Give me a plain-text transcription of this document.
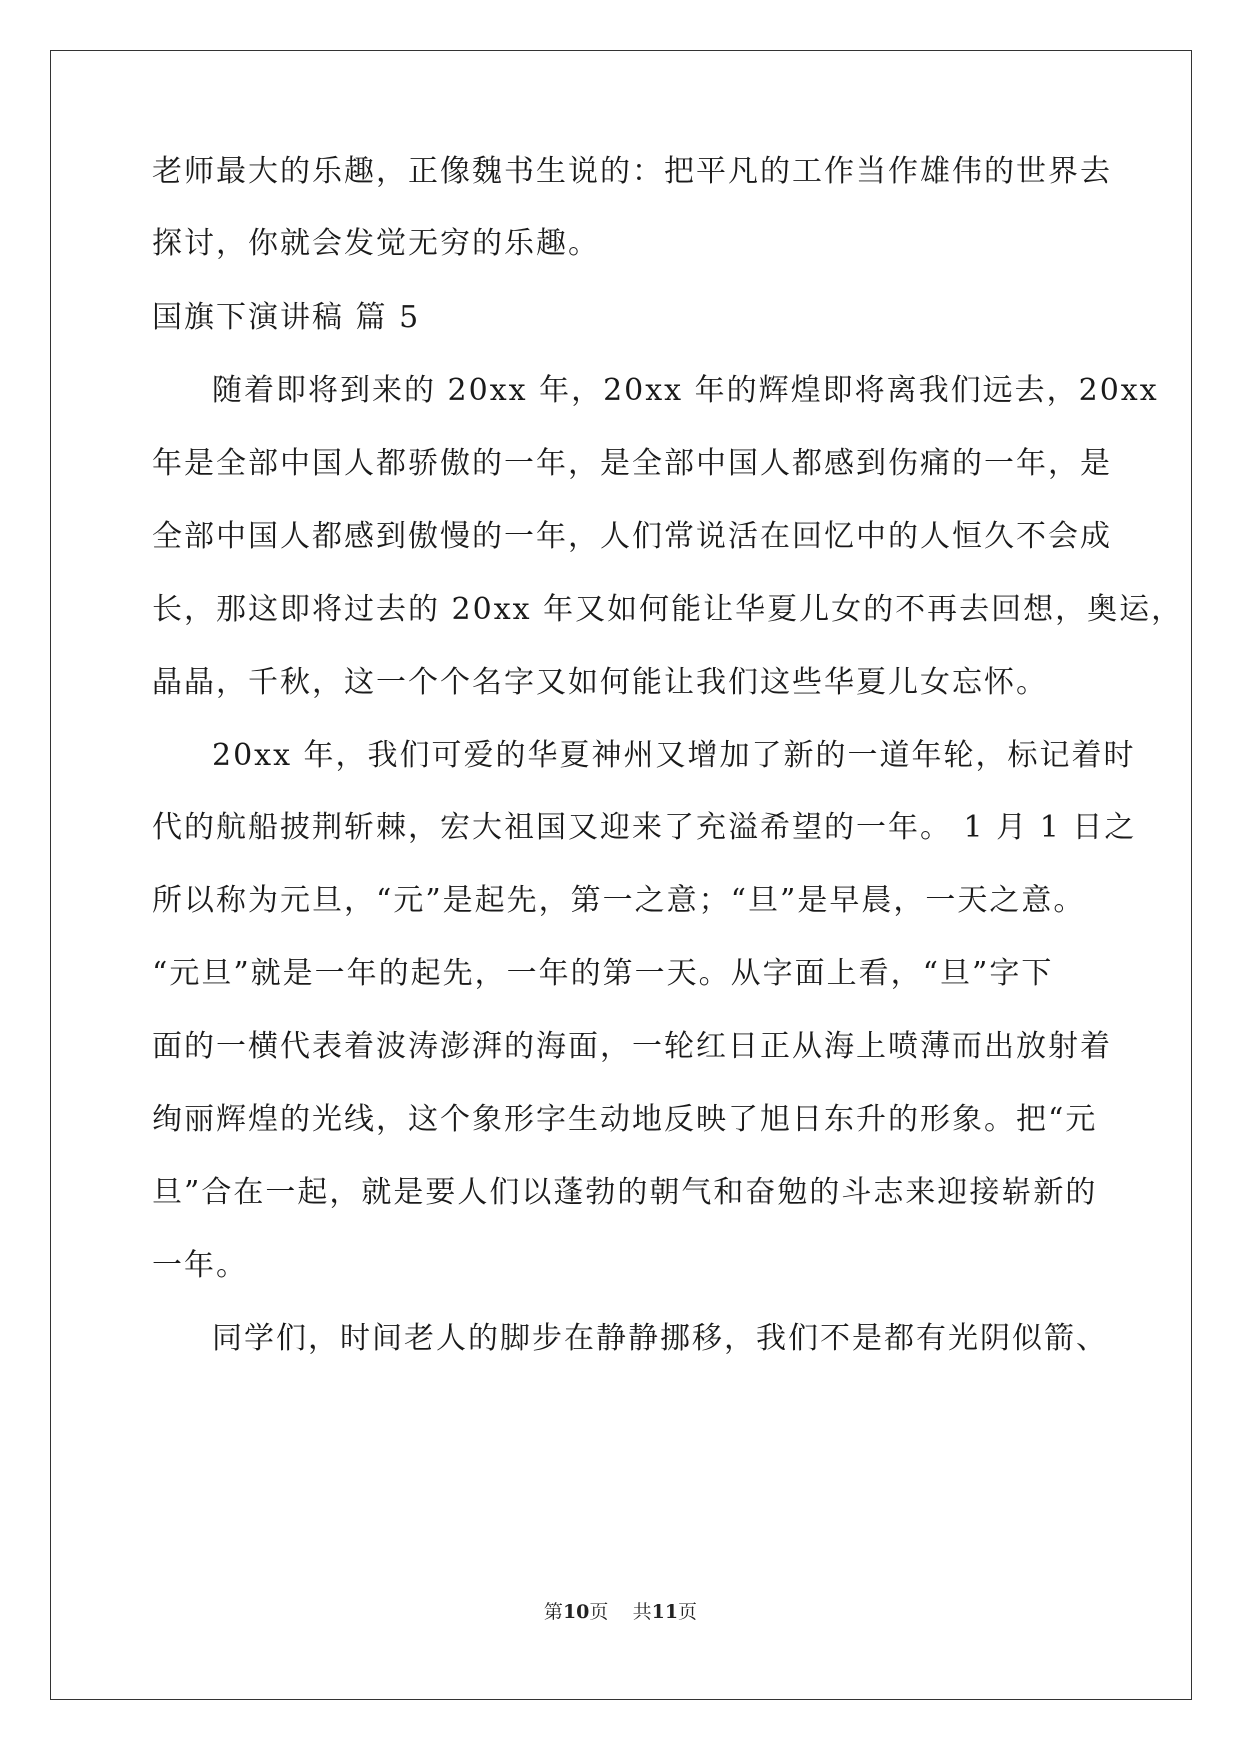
老师最大的乐趣，正像魏书生说的：把平凡的工作当作雄伟的世界去
探讨，你就会发觉无穷的乐趣。
国旗下演讲稿 篇 5
随着即将到来的 20xx 年，20xx 年的辉煌即将离我们远去，20xx
年是全部中国人都骄傲的一年，是全部中国人都感到伤痛的一年，是
全部中国人都感到傲慢的一年，人们常说活在回忆中的人恒久不会成
长，那这即将过去的 20xx 年又如何能让华夏儿女的不再去回想，奥运，
晶晶，千秋，这一个个名字又如何能让我们这些华夏儿女忘怀。
20xx 年，我们可爱的华夏神州又增加了新的一道年轮，标记着时
代的航船披荆斩棘，宏大祖国又迎来了充溢希望的一年。 1 月 1 日之
所以称为元旦，“元”是起先，第一之意；“旦”是早晨，一天之意。
“元旦”就是一年的起先，一年的第一天。从字面上看，“旦”字下
面的一横代表着波涛澎湃的海面，一轮红日正从海上喷薄而出放射着
绚丽辉煌的光线，这个象形字生动地反映了旭日东升的形象。把“元
旦”合在一起，就是要人们以蓬勃的朝气和奋勉的斗志来迎接崭新的
一年。
同学们，时间老人的脚步在静静挪移，我们不是都有光阴似箭、
第10页 共11页
